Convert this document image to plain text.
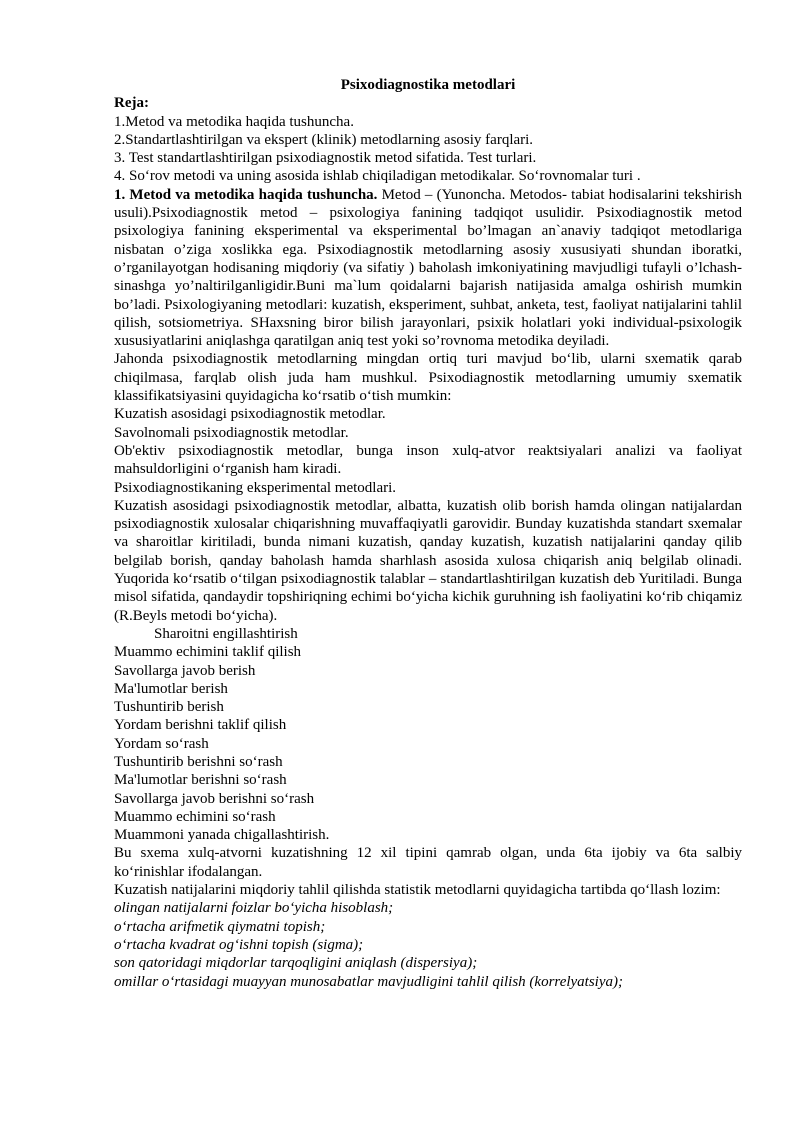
Psixodiagnostika metodlari

Reja:

1.Metod va metodika haqida tushuncha.

2.Standartlashtirilgan va ekspert (klinik) metodlarning asosiy farqlari.

3. Test standartlashtirilgan psixodiagnostik metod sifatida. Test turlari.

4. So‘rov metodi va uning asosida ishlab chiqiladigan metodikalar. So‘rovnomalar turi .

1. Metod va metodika haqida tushuncha. Metod – (Yunoncha. Metodos- tabiat hodisalarini tekshirish usuli).Psixodiagnostik metod – psixologiya fanining tadqiqot usulidir. Psixodiagnostik metod psixologiya fanining eksperimental va eksperimental bo’lmagan an`anaviy tadqiqot metodlariga nisbatan o’ziga xoslikka ega. Psixodiagnostik metodlarning asosiy xususiyati shundan iboratki, o’rganilayotgan hodisaning miqdoriy (va sifatiy ) baholash imkoniyatining mavjudligi tufayli o’lchash-sinashga yo’naltirilganligidir.Buni ma`lum qoidalarni bajarish natijasida amalga oshirish mumkin bo’ladi. Psixologiyaning metodlari: kuzatish, eksperiment, suhbat, anketa, test, faoliyat natijalarini tahlil qilish, sotsiometriya. SHaxsning biror bilish jarayonlari, psixik holatlari yoki individual-psixologik xususiyatlarini aniqlashga qaratilgan aniq test yoki so’rovnoma metodika deyiladi.

Jahonda psixodiagnostik metodlarning mingdan ortiq turi mavjud bo‘lib, ularni sxematik qarab chiqilmasa, farqlab olish juda ham mushkul. Psixodiagnostik metodlarning umumiy sxematik klassifikatsiyasini quyidagicha ko‘rsatib o‘tish mumkin:

Kuzatish asosidagi psixodiagnostik metodlar.

Savolnomali psixodiagnostik metodlar.

Ob'ektiv psixodiagnostik metodlar, bunga inson xulq-atvor reaktsiyalari analizi va faoliyat mahsuldorligini o‘rganish ham kiradi.

Psixodiagnostikaning eksperimental metodlari.

Kuzatish asosidagi psixodiagnostik metodlar, albatta, kuzatish olib borish hamda olingan natijalardan psixodiagnostik xulosalar chiqarishning muvaffaqiyatli garovidir. Bunday kuzatishda standart sxemalar va sharoitlar kiritiladi, bunda nimani kuzatish, qanday kuzatish, kuzatish natijalarini qanday qilib belgilab borish, qanday baholash hamda sharhlash asosida xulosa chiqarish aniq belgilab olinadi. Yuqorida ko‘rsatib o‘tilgan psixodiagnostik talablar – standartlashtirilgan kuzatish deb Yuritiladi. Bunga misol sifatida, qandaydir topshiriqning echimi bo‘yicha kichik guruhning ish faoliyatini ko‘rib chiqamiz (R.Beyls metodi bo‘yicha).

Sharoitni engillashtirish

Muammo echimini taklif qilish

Savollarga javob berish

Ma'lumotlar berish

Tushuntirib berish

Yordam berishni taklif qilish

Yordam so‘rash

Tushuntirib berishni so‘rash

Ma'lumotlar berishni so‘rash

Savollarga javob berishni so‘rash

Muammo echimini so‘rash

Muammoni yanada chigallashtirish.

Bu sxema xulq-atvorni kuzatishning 12 xil tipini qamrab olgan, unda 6ta ijobiy va 6ta salbiy ko‘rinishlar ifodalangan.

Kuzatish natijalarini miqdoriy tahlil qilishda statistik metodlarni quyidagicha tartibda qo‘llash lozim:

olingan natijalarni foizlar bo‘yicha hisoblash;

o‘rtacha arifmetik qiymatni topish;

o‘rtacha kvadrat og‘ishni topish (sigma);

son qatoridagi miqdorlar tarqoqligini aniqlash (dispersiya);

omillar o‘rtasidagi muayyan munosabatlar mavjudligini tahlil qilish (korrelyatsiya);
